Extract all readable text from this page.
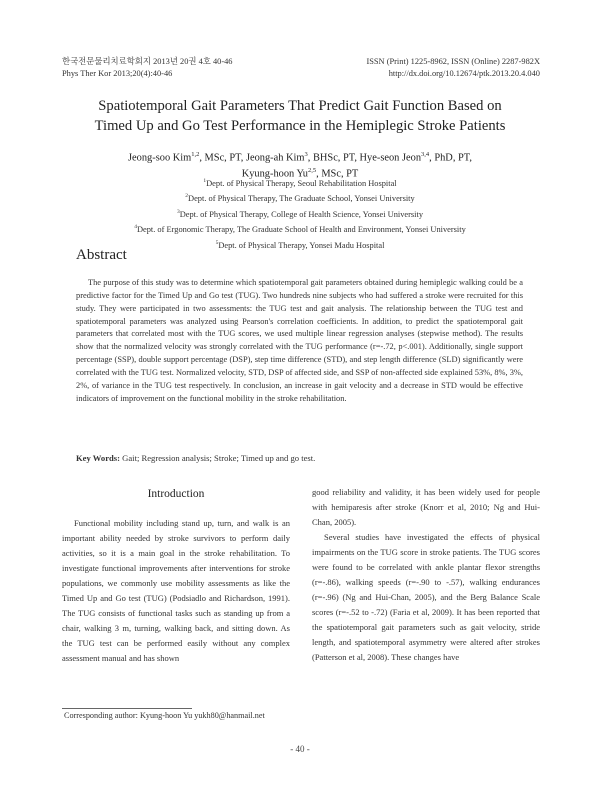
한국전문물리치료학회지 2013년 20권 4호 40-46
Phys Ther Kor 2013;20(4):40-46
ISSN (Print) 1225-8962, ISSN (Online) 2287-982X
http://dx.doi.org/10.12674/ptk.2013.20.4.040
Spatiotemporal Gait Parameters That Predict Gait Function Based on
Timed Up and Go Test Performance in the Hemiplegic Stroke Patients
Jeong-soo Kim$^{1,2}$, MSc, PT, Jeong-ah Kim$^3$, BHSc, PT, Hye-seon Jeon$^{3,4}$, PhD, PT,
Kyung-hoon Yu$^{2,5}$, MSc, PT
$^1$Dept. of Physical Therapy, Seoul Rehabilitation Hospital
$^2$Dept. of Physical Therapy, The Graduate School, Yonsei University
$^3$Dept. of Physical Therapy, College of Health Science, Yonsei University
$^4$Dept. of Ergonomic Therapy, The Graduate School of Health and Environment, Yonsei University
$^5$Dept. of Physical Therapy, Yonsei Madu Hospital
Abstract
The purpose of this study was to determine which spatiotemporal gait parameters obtained during hemiplegic walking could be a predictive factor for the Timed Up and Go test (TUG). Two hundreds nine subjects who had suffered a stroke were recruited for this study. They were participated in two assessments: the TUG test and gait analysis. The relationship between the TUG test and spatiotemporal parameters was analyzed using Pearson's correlation coefficients. In addition, to predict the spatiotemporal gait parameters that correlated most with the TUG scores, we used multiple linear regression analyses (stepwise method). The results show that the normalized velocity was strongly correlated with the TUG performance (r=-.72, p<.001). Additionally, single support percentage (SSP), double support percentage (DSP), step time difference (STD), and step length difference (SLD) significantly were correlated with the TUG test. Normalized velocity, STD, DSP of affected side, and SSP of non-affected side explained 53%, 8%, 3%, 2%, of variance in the TUG test respectively. In conclusion, an increase in gait velocity and a decrease in STD would be effective indicators of improvement on the functional mobility in the stroke rehabilitation.
Key Words: Gait; Regression analysis; Stroke; Timed up and go test.
Introduction

Functional mobility including stand up, turn, and walk is an important ability needed by stroke survivors to perform daily activities, so it is a main goal in the stroke rehabilitation. To investigate functional improvements after interventions for stroke populations, we commonly use mobility assessments as like the Timed Up and Go test (TUG) (Podsiadlo and Richardson, 1991). The TUG consists of functional tasks such as standing up from a chair, walking 3 m, turning, walking back, and sitting down. As the TUG test can be performed easily without any complex assessment manual and has shown

good reliability and validity, it has been widely used for people with hemiparesis after stroke (Knorr et al, 2010; Ng and Hui-Chan, 2005).

Several studies have investigated the effects of physical impairments on the TUG score in stroke patients. The TUG scores were found to be correlated with ankle plantar flexor strengths (r=-.86), walking speeds (r=-.90 to -.57), walking endurances (r=-.96) (Ng and Hui-Chan, 2005), and the Berg Balance Scale scores (r=-.52 to -.72) (Faria et al, 2009). It has been reported that the spatiotemporal gait parameters such as gait velocity, stride length, and spatiotemporal asymmetry were altered after strokes (Patterson et al, 2008). These changes have

Corresponding author: Kyung-hoon Yu yukh80@hanmail.net
- 40 -
